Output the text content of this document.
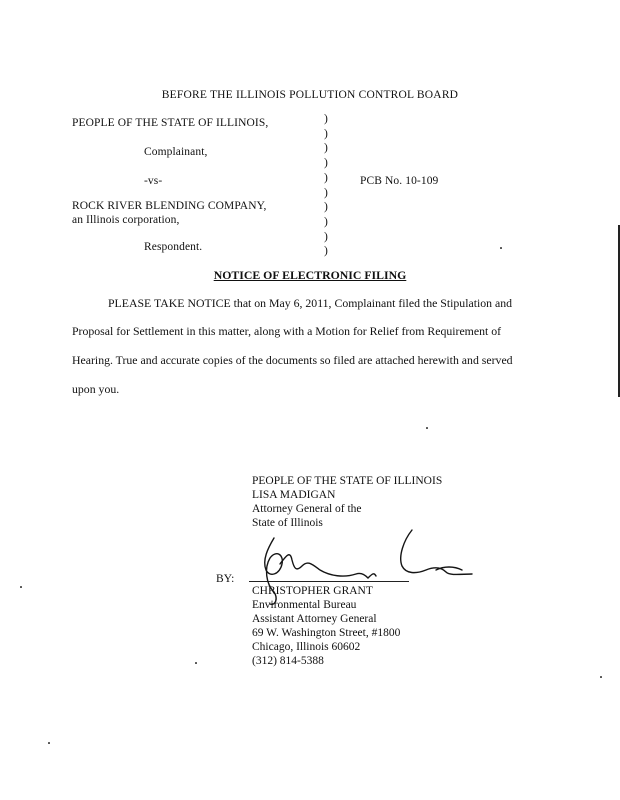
BEFORE THE ILLINOIS POLLUTION CONTROL BOARD
PEOPLE OF THE STATE OF ILLINOIS,
Complainant,
-vs-
ROCK RIVER BLENDING COMPANY,
an Illinois corporation,
Respondent.
)
)
)
)
)
)
)
)
)
)
PCB No. 10-109
NOTICE OF ELECTRONIC FILING
PLEASE TAKE NOTICE that on May 6, 2011, Complainant filed the Stipulation and
Proposal for Settlement in this matter, along with a Motion for Relief from Requirement of
Hearing. True and accurate copies of the documents so filed are attached herewith and served
upon you.
PEOPLE OF THE STATE OF ILLINOIS
LISA MADIGAN
Attorney General of the
State of Illinois
BY:
CHRISTOPHER GRANT
Environmental Bureau
Assistant Attorney General
69 W. Washington Street, #1800
Chicago, Illinois 60602
(312) 814-5388
